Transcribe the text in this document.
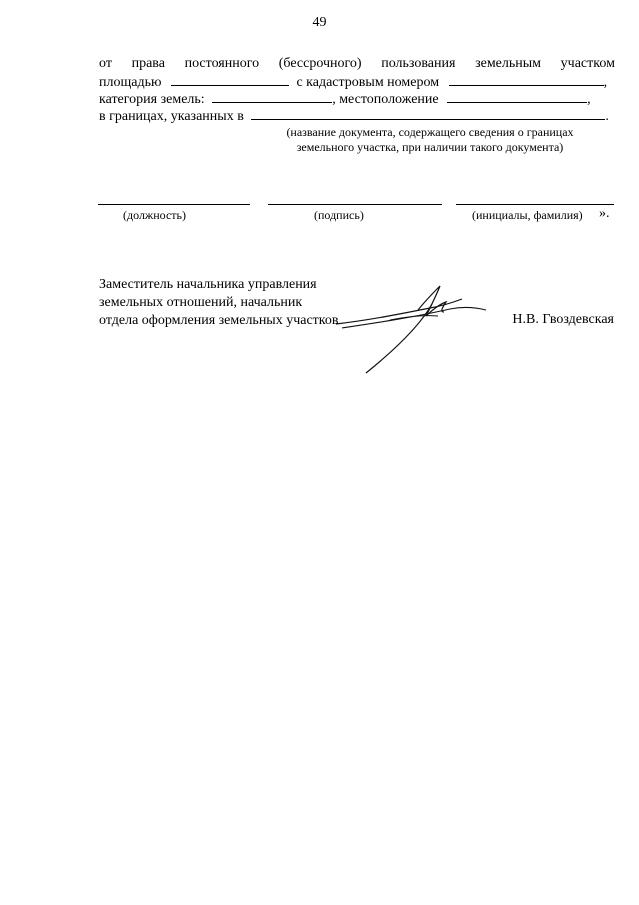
49
от права постоянного (бессрочного) пользования земельным участком
площадью	с кадастровым номером	,
категория земель:	, местоположение	,
в границах, указанных в	.
(название документа, содержащего сведения о границах
земельного участка, при наличии такого документа)
(должность)	(подпись)	(инициалы, фамилия) ».
Заместитель начальника управления
земельных отношений, начальник
отдела оформления земельных участков	Н.В. Гвоздевская
